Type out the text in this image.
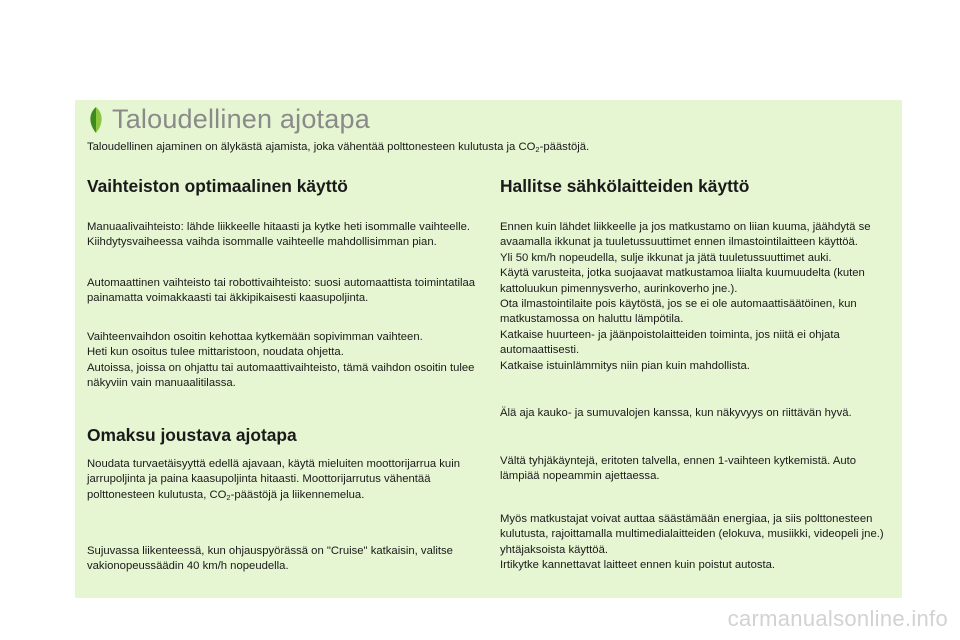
Taloudellinen ajotapa
Taloudellinen ajaminen on älykästä ajamista, joka vähentää polttonesteen kulutusta ja $CO_2$-päästöjä.
Vaihteiston optimaalinen käyttö

Manuaalivaihteisto: lähde liikkeelle hitaasti ja kytke heti isommalle vaihteelle. Kiihdytysvaiheessa vaihda isommalle vaihteelle mahdollisimman pian.

Automaattinen vaihteisto tai robottivaihteisto: suosi automaattista toimintatilaa painamatta voimakkaasti tai äkkipikaisesti kaasupoljinta.

Vaihteenvaihdon osoitin kehottaa kytkemään sopivimman vaihteen.
Heti kun osoitus tulee mittaristoon, noudata ohjetta.
Autoissa, joissa on ohjattu tai automaattivaihteisto, tämä vaihdon osoitin tulee näkyviin vain manuaalitilassa.

Omaksu joustava ajotapa

Noudata turvaetäisyyttä edellä ajavaan, käytä mieluiten moottorijarrua kuin jarrupoljinta ja paina kaasupoljinta hitaasti. Moottorijarrutus vähentää polttonesteen kulutusta, $CO_2$-päästöjä ja liikennemelua.

Sujuvassa liikenteessä, kun ohjauspyörässä on "Cruise" katkaisin, valitse vakionopeussäädin 40 km/h nopeudella.

Hallitse sähkölaitteiden käyttö

Ennen kuin lähdet liikkeelle ja jos matkustamo on liian kuuma, jäähdytä se avaamalla ikkunat ja tuuletussuuttimet ennen ilmastointilaitteen käyttöä.
Yli 50 km/h nopeudella, sulje ikkunat ja jätä tuuletussuuttimet auki.
Käytä varusteita, jotka suojaavat matkustamoa liialta kuumuudelta (kuten kattoluukun pimennysverho, aurinkoverho jne.).
Ota ilmastointilaite pois käytöstä, jos se ei ole automaattisäätöinen, kun matkustamossa on haluttu lämpötila.
Katkaise huurteen- ja jäänpoistolaitteiden toiminta, jos niitä ei ohjata automaattisesti.
Katkaise istuinlämmitys niin pian kuin mahdollista.

Älä aja kauko- ja sumuvalojen kanssa, kun näkyvyys on riittävän hyvä.

Vältä tyhjäkäyntejä, eritoten talvella, ennen 1-vaihteen kytkemistä. Auto lämpiää nopeammin ajettaessa.

Myös matkustajat voivat auttaa säästämään energiaa, ja siis polttonesteen kulutusta, rajoittamalla multimedialaitteiden (elokuva, musiikki, videopeli jne.) yhtäjaksoista käyttöä.
Irtikytke kannettavat laitteet ennen kuin poistut autosta.

carmanualsonline.info
